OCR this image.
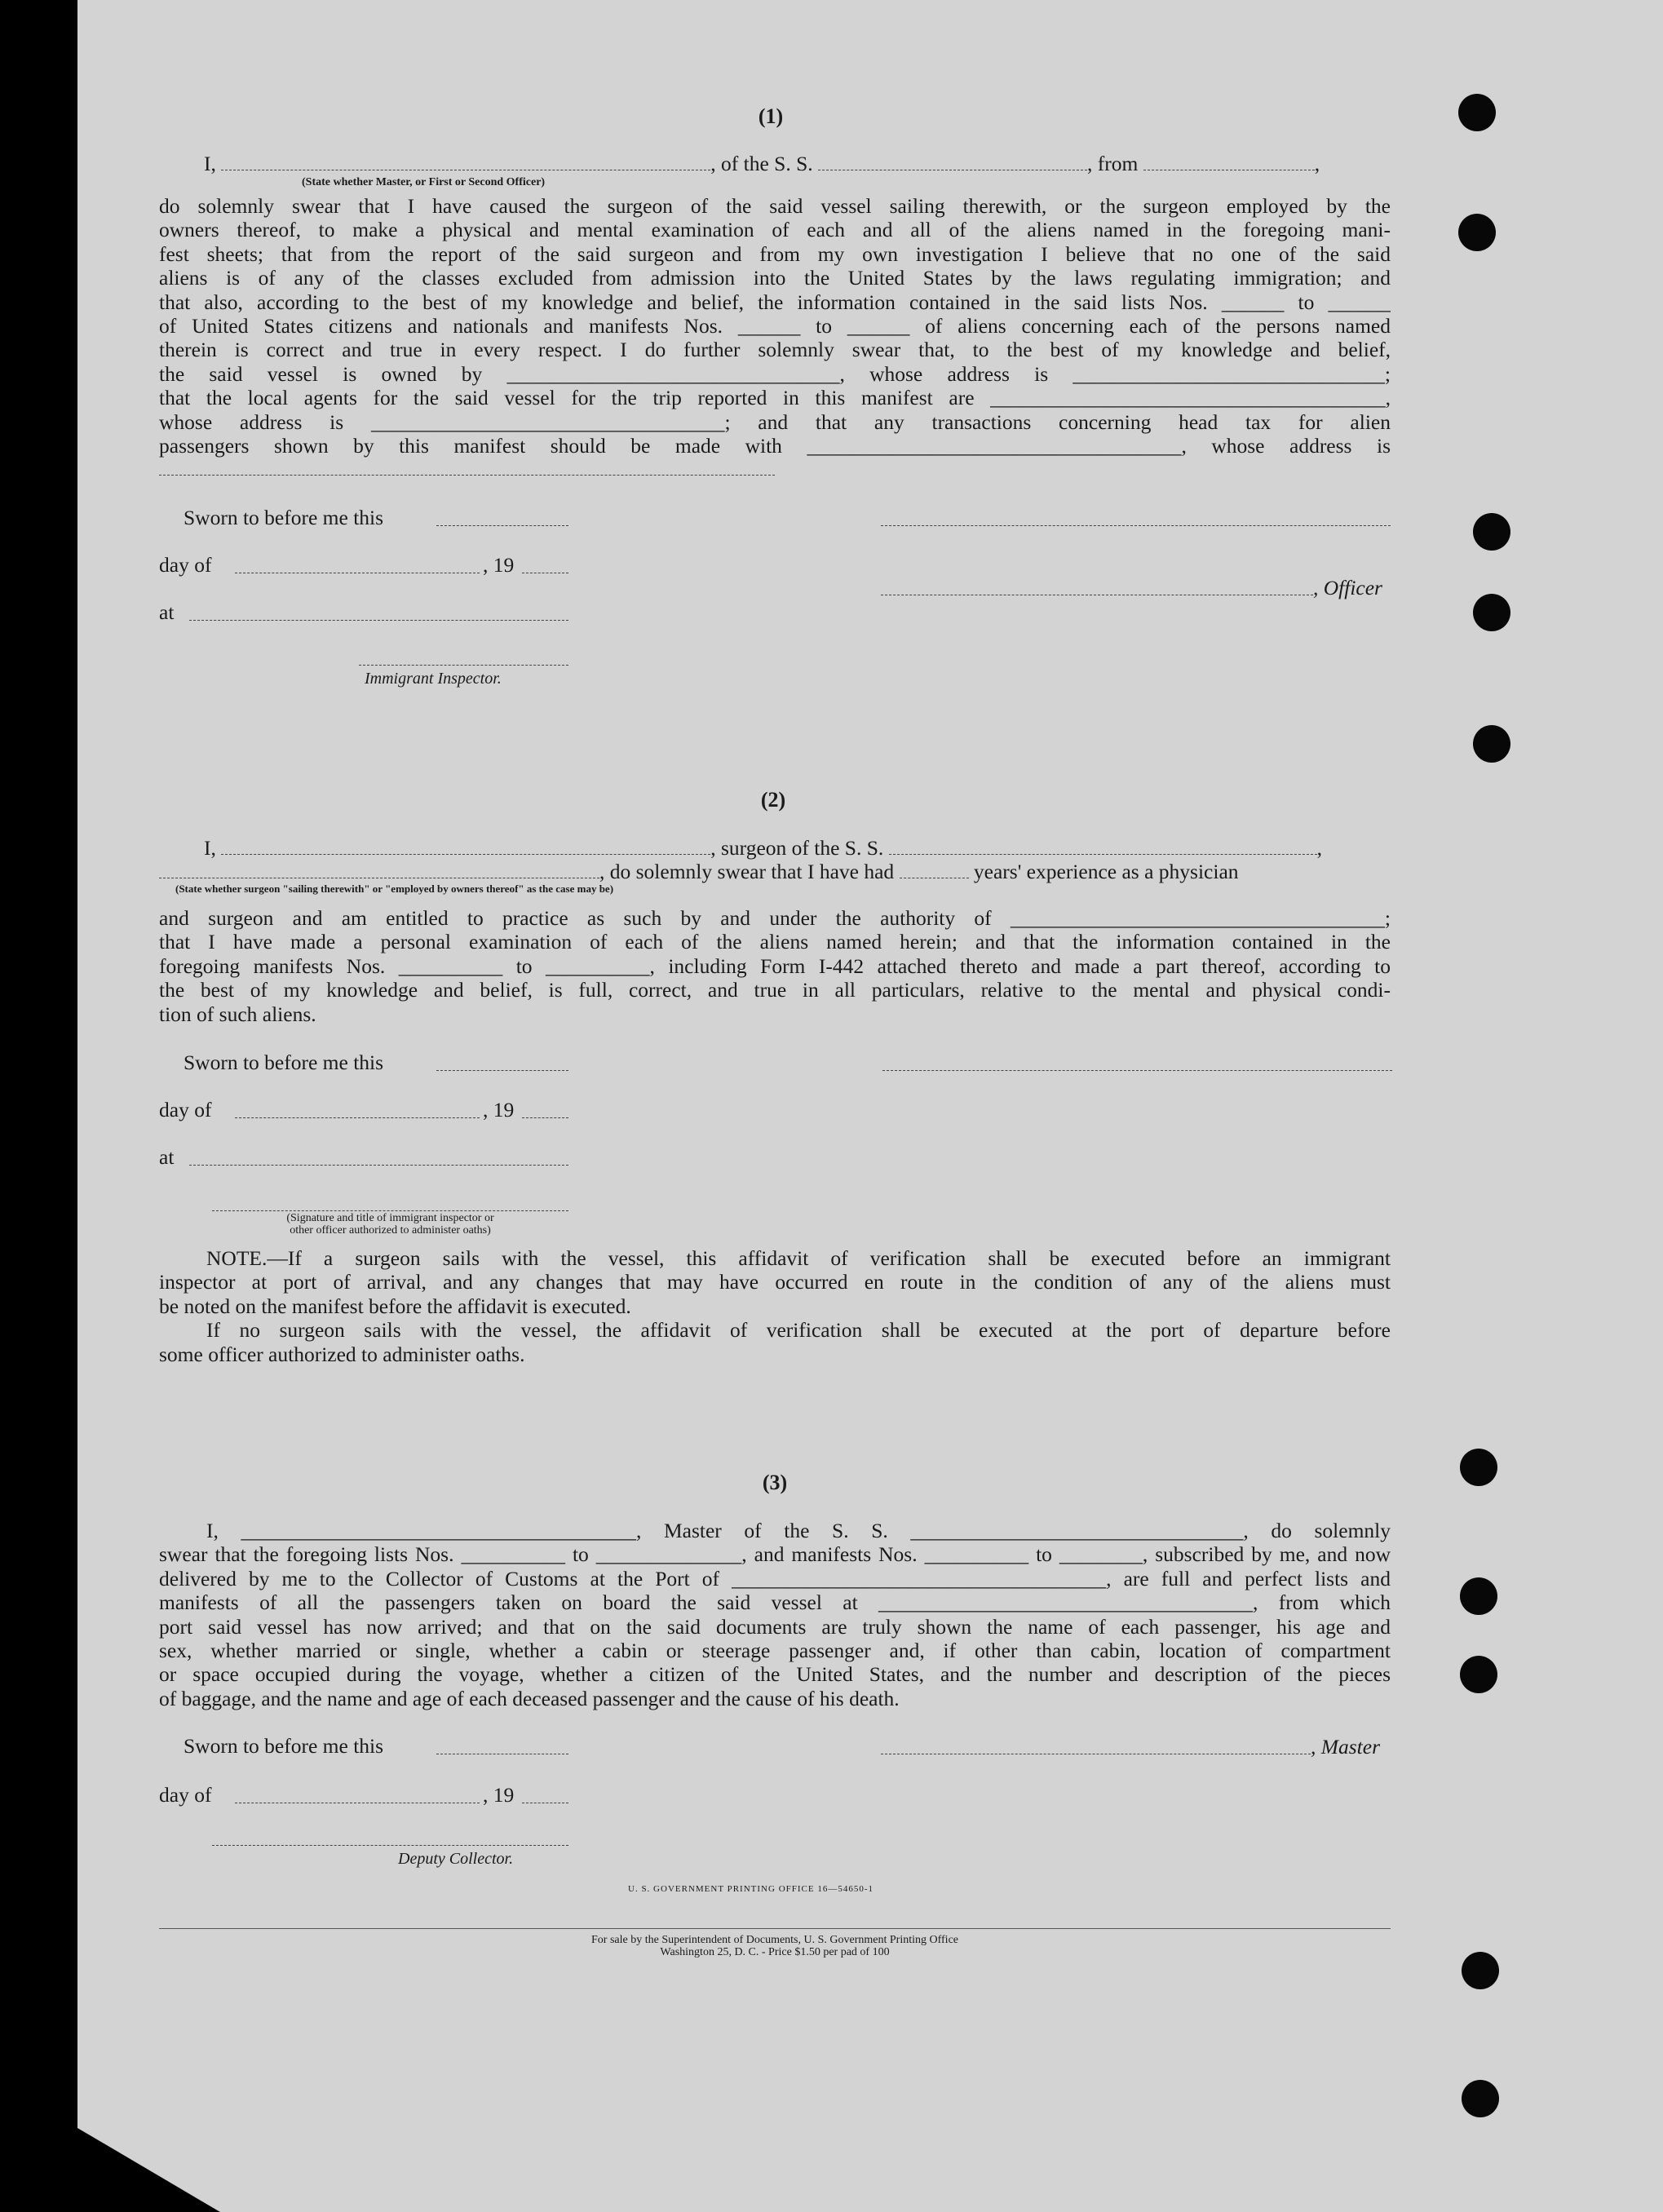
(1)
I,	, of the S. S.	, from	,
(State whether Master, or First or Second Officer)
do solemnly swear that I have caused the surgeon of the said vessel sailing therewith, or the surgeon employed by the
owners thereof, to make a physical and mental examination of each and all of the aliens named in the foregoing mani-
fest sheets; that from the report of the said surgeon and from my own investigation I believe that no one of the said
aliens is of any of the classes excluded from admission into the United States by the laws regulating immigration; and
that also, according to the best of my knowledge and belief, the information contained in the said lists Nos. ______ to ______
of United States citizens and nationals and manifests Nos. ______ to ______ of aliens concerning each of the persons named
therein is correct and true in every respect. I do further solemnly swear that, to the best of my knowledge and belief,
the said vessel is owned by ________________________________, whose address is ______________________________;
that the local agents for the said vessel for the trip reported in this manifest are ______________________________________,
whose address is __________________________________; and that any transactions concerning head tax for alien
passengers shown by this manifest should be made with ____________________________________, whose address is
Sworn to before me this
day of	, 19
, Officer
at
Immigrant Inspector.
(2)
I,	, surgeon of the S. S.	,
, do solemnly swear that I have had	years' experience as a physician
(State whether surgeon "sailing therewith" or "employed by owners thereof" as the case may be)
and surgeon and am entitled to practice as such by and under the authority of ____________________________________;
that I have made a personal examination of each of the aliens named herein; and that the information contained in the
foregoing manifests Nos. __________ to __________, including Form I-442 attached thereto and made a part thereof, according to
the best of my knowledge and belief, is full, correct, and true in all particulars, relative to the mental and physical condi-
tion of such aliens.
Sworn to before me this
day of	, 19
at
(Signature and title of immigrant inspector or
other officer authorized to administer oaths)
NOTE.—If a surgeon sails with the vessel, this affidavit of verification shall be executed before an immigrant
inspector at port of arrival, and any changes that may have occurred en route in the condition of any of the aliens must
be noted on the manifest before the affidavit is executed.
If no surgeon sails with the vessel, the affidavit of verification shall be executed at the port of departure before
some officer authorized to administer oaths.
(3)
I, ______________________________________, Master of the S. S. ________________________________, do solemnly
swear that the foregoing lists Nos. __________ to ______________, and manifests Nos. __________ to ________, subscribed by me, and now
delivered by me to the Collector of Customs at the Port of ____________________________________, are full and perfect lists and
manifests of all the passengers taken on board the said vessel at ____________________________________, from which
port said vessel has now arrived; and that on the said documents are truly shown the name of each passenger, his age and
sex, whether married or single, whether a cabin or steerage passenger and, if other than cabin, location of compartment
or space occupied during the voyage, whether a citizen of the United States, and the number and description of the pieces
of baggage, and the name and age of each deceased passenger and the cause of his death.
Sworn to before me this	, Master
day of	, 19
Deputy Collector.
U. S. GOVERNMENT PRINTING OFFICE 16—54650-1
For sale by the Superintendent of Documents, U. S. Government Printing Office
Washington 25, D. C. - Price $1.50 per pad of 100
